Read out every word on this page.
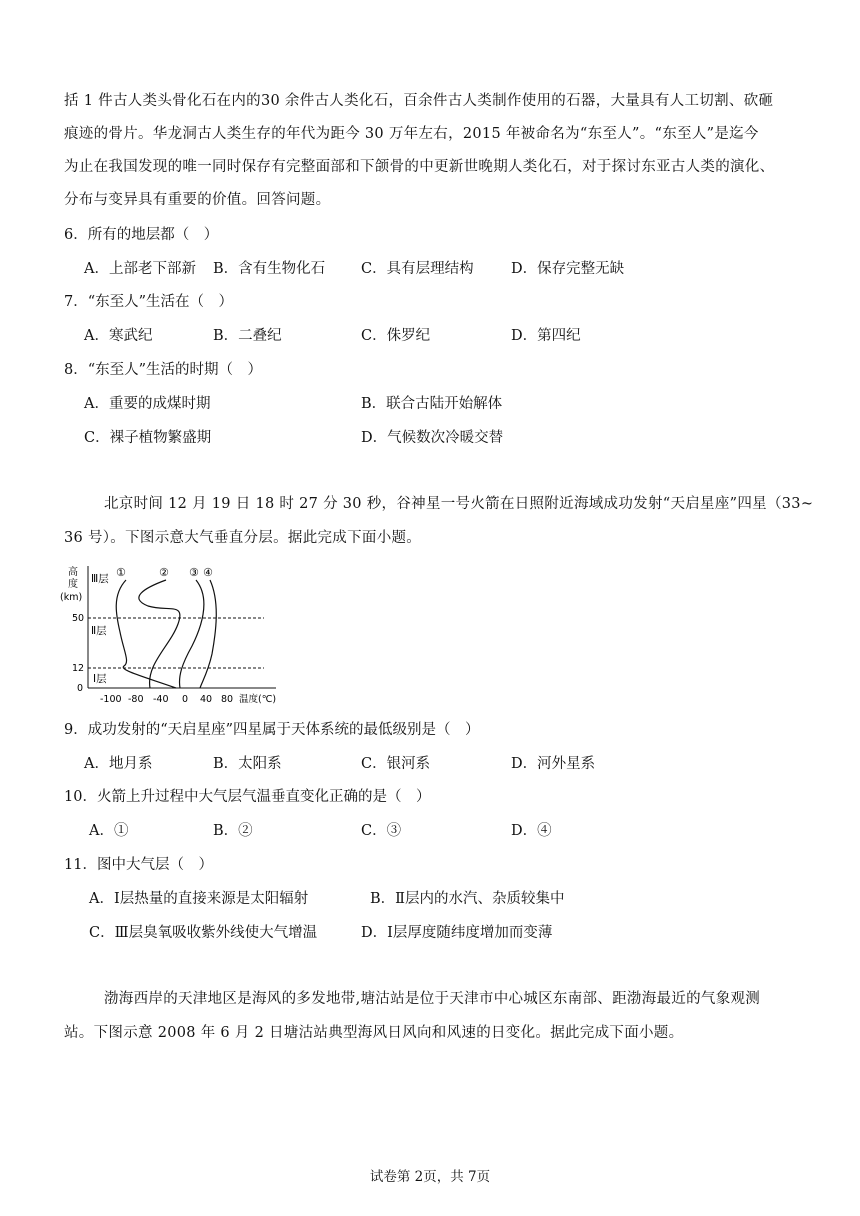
括 1 件古人类头骨化石在内的30 余件古人类化石，百余件古人类制作使用的石器，大量具有人工切割、砍砸
痕迹的骨片。华龙洞古人类生存的年代为距今 30 万年左右，2015 年被命名为“东至人”。“东至人”是迄今
为止在我国发现的唯一同时保存有完整面部和下颌骨的中更新世晚期人类化石，对于探讨东亚古人类的演化、
分布与变异具有重要的价值。回答问题。
6．所有的地层都（　）
A．上部老下部新 B．含有生物化石 C．具有层理结构	D．保存完整无缺
7．“东至人”生活在（　）
A．寒武纪	B．二叠纪	C．侏罗纪	D．第四纪
8．“东至人”生活的时期（　）
A．重要的成煤时期	B．联合古陆开始解体
C．裸子植物繁盛期	D．气候数次冷暖交替
北京时间 12 月 19 日 18 时 27 分 30 秒，谷神星一号火箭在日照附近海域成功发射“天启星座”四星（33~
36 号）。下图示意大气垂直分层。据此完成下面小题。
高
度
(km)
50
12
0
Ⅲ层
Ⅱ层
Ⅰ层
①	② ③ ④
-100 -80 -40 0 40 80 温度(℃)
9．成功发射的“天启星座”四星属于天体系统的最低级别是（　）
A．地月系	B．太阳系	C．银河系	D．河外星系
10．火箭上升过程中大气层气温垂直变化正确的是（　）
A．①	B．②	C．③	D．④
11．图中大气层（　）
A．Ⅰ层热量的直接来源是太阳辐射	B．Ⅱ层内的水汽、杂质较集中
C．Ⅲ层臭氧吸收紫外线使大气增温	D．Ⅰ层厚度随纬度增加而变薄
渤海西岸的天津地区是海风的多发地带,塘沽站是位于天津市中心城区东南部、距渤海最近的气象观测
站。下图示意 2008 年 6 月 2 日塘沽站典型海风日风向和风速的日变化。据此完成下面小题。
试卷第 2页，共 7页
